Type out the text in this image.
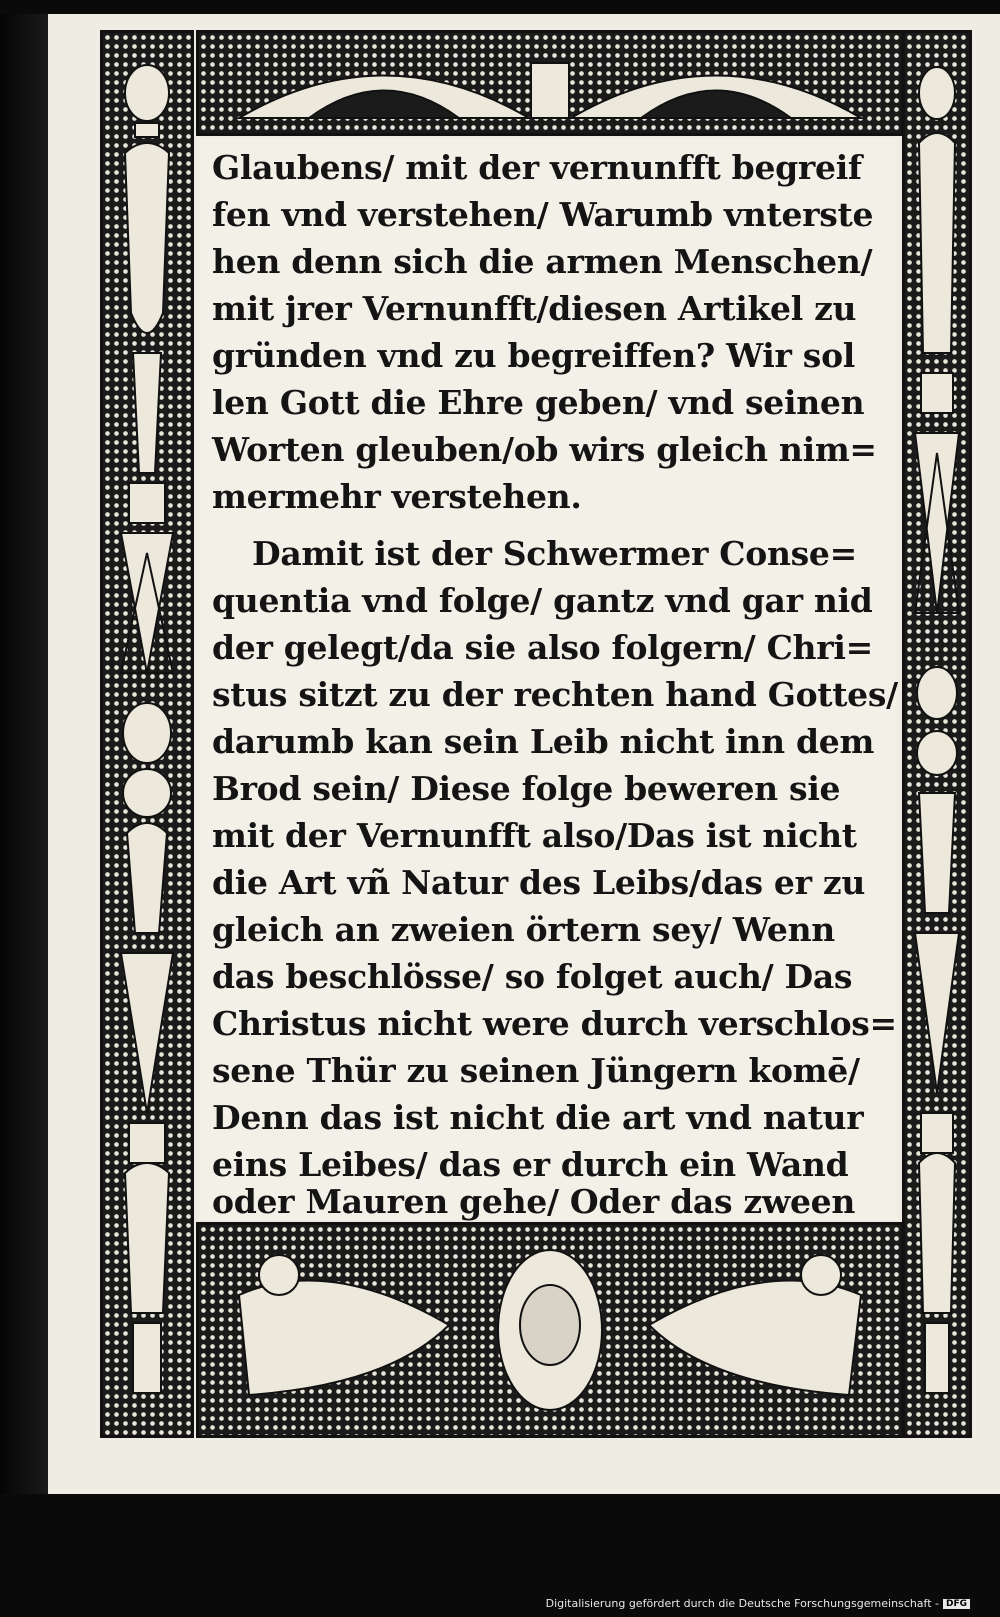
Glaubens/ mit der vernunfft begreif
fen vnd verstehen/ Warumb vnterste
hen denn sich die armen Menschen/
mit jrer Vernunfft/diesen Artikel zu
gründen vnd zu begreiffen? Wir sol
len Gott die Ehre geben/ vnd seinen
Worten gleuben/ob wirs gleich nim=
mermehr verstehen.
Damit ist der Schwermer Conse=
quentia vnd folge/ gantz vnd gar nid
der gelegt/da sie also folgern/ Chri=
stus sitzt zu der rechten hand Gottes/
darumb kan sein Leib nicht inn dem
Brod sein/ Diese folge beweren sie
mit der Vernunfft also/Das ist nicht
die Art vñ Natur des Leibs/das er zu
gleich an zweien örtern sey/ Wenn
das beschlösse/ so folget auch/ Das
Christus nicht were durch verschlos=
sene Thür zu seinen Jüngern komē/
Denn das ist nicht die art vnd natur
eins Leibes/ das er durch ein Wand
oder Mauren gehe/ Oder das zween
Digitalisierung gefördert durch die Deutsche Forschungsgemeinschaft - DFG
